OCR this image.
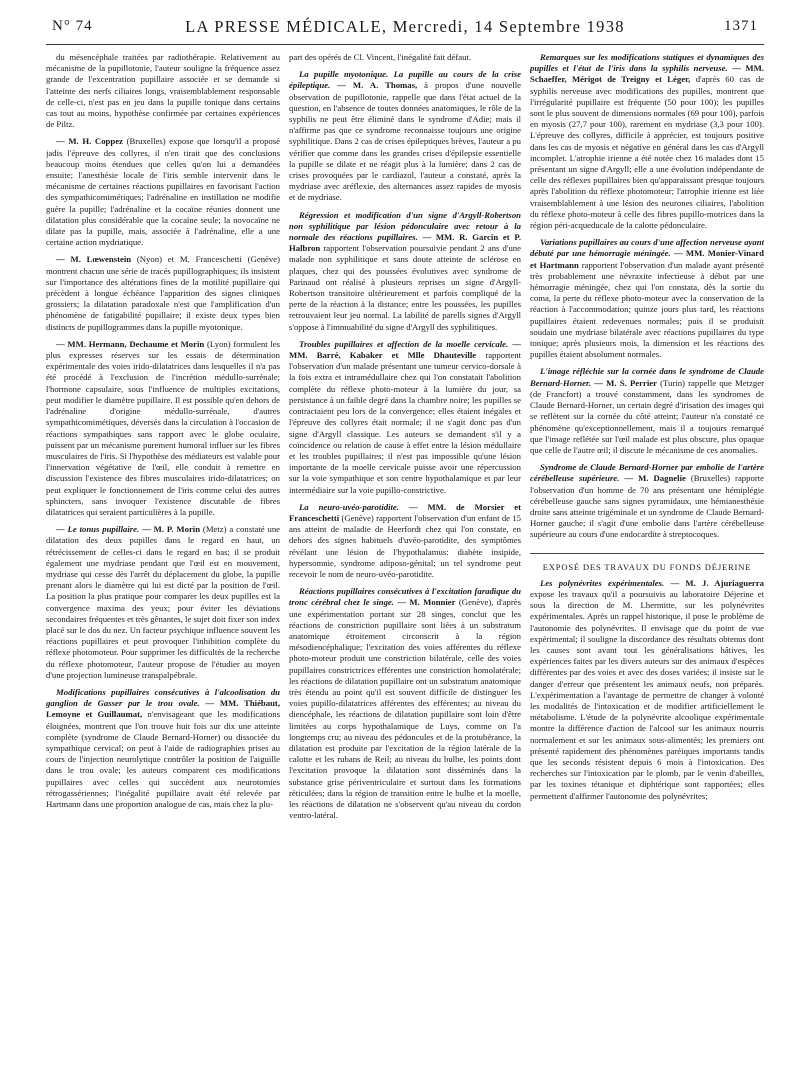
N° 74	LA PRESSE MÉDICALE, Mercredi, 14 Septembre 1938	1371

du mésencéphale traitées par radiothérapie. Relativement au mécanisme de la pupillotonie, l'auteur souligne la fréquence assez grande de l'excentration pupillaire associée et se demande si l'atteinte des nerfs ciliaires longs, vraisemblablement responsable de celle-ci, n'est pas en jeu dans la pupille tonique dans certains cas tout au moins, hypothèse confirmée par certaines expériences de Piltz.

— M. H. Coppez (Bruxelles) expose que lorsqu'il a proposé jadis l'épreuve des collyres, il n'en tirait que des conclusions beaucoup moins étendues que celles qu'on lui a demandées ensuite; l'anesthésie locale de l'iris semble intervenir dans le mécanisme de certaines réactions pupillaires en favorisant l'action des sympathicomimétiques; l'adrénaline en instillation ne modifie guère la pupille; l'adrénaline et la cocaïne réunies donnent une dilatation plus considérable que la cocaïne seule; la novocaïne ne dilate pas la pupille, mais, associée à l'adrénaline, elle a une certaine action mydriatique.

— M. Lœwenstein (Nyon) et M. Franceschetti (Genève) montrent chacun une série de tracés pupillographiques; ils insistent sur l'importance des altérations fines de la motilité pupillaire qui précèdent à longue échéance l'apparition des signes cliniques grossiers; la dilatation paradoxale n'est que l'amplification d'un phénomène de fatigabilité pupillaire; il existe deux types bien distincts de pupillogrammes dans la pupille myotonique.

— MM. Hermann, Dechaume et Morin (Lyon) formulent les plus expresses réserves sur les essais de détermination expérimentale des voies irido-dilatatrices dans lesquelles il n'a pas été procédé à l'exclusion de l'incrétion médullo-surrénale; l'hormone capsulaire, sous l'influence de multiples excitations, peut modifier le diamètre pupillaire. Il est possible qu'en dehors de l'adrénaline d'origine médullo-surrénale, d'autres sympathicomimétiques, déversés dans la circulation à l'occasion de réactions sympathiques sans rapport avec le globe oculaire, puissent par un mécanisme purement humoral influer sur les fibres musculaires de l'iris. Si l'hypothèse des médiateurs est valable pour l'innervation végétative de l'œil, elle conduit à remettre en discussion l'existence des fibres musculaires irido-dilatatrices; on peut expliquer le fonctionnement de l'iris comme celui des autres sphincters, sans invoquer l'existence discutable de fibres dilatatrices qui seraient particulières à la pupille.

— Le tonus pupillaire. — M. P. Morin (Metz) a constaté une dilatation des deux pupilles dans le regard en haut, un rétrécissement de celles-ci dans le regard en bas; il se produit également une mydriase pendant que l'œil est en mouvement, mydriase qui cesse dès l'arrêt du déplacement du globe, la pupille prenant alors le diamètre qui lui est dicté par la position de l'œil. La position la plus pratique pour comparer les deux pupilles est la convergence maxima des yeux; pour éviter les déviations secondaires fréquentes et très gênantes, le sujet doit fixer son index placé sur le dos du nez. Un facteur psychique influence souvent les réactions pupillaires et peut provoquer l'inhibition complète du réflexe photomoteur. Pour supprimer les difficultés de la recherche du réflexe photomoteur, l'auteur propose de l'étudier au moyen d'une projection lumineuse transpalpébrale.

Modifications pupillaires consécutives à l'alcoolisation du ganglion de Gasser par le trou ovale. — MM. Thiébaut, Lemoyne et Guillaumat, n'envisageant que les modifications éloignées, montrent que l'on trouve huit fois sur dix une atteinte complète (syndrome de Claude Bernard-Horner) ou dissociée du sympathique cervical; on peut à l'aide de radiographies prises au cours de l'injection neurolytique contrôler la position de l'aiguille dans le trou ovale; les auteurs comparent ces modifications pupillaires avec celles qui succèdent aux neurotomies rétrogassériennes; l'inégalité pupillaire avait été relevée par Hartmann dans une proportion analogue de cas, mais chez la plu-

part des opérés de Cl. Vincent, l'inégalité fait défaut.

La pupille myotonique. La pupille au cours de la crise épileptique. — M. A. Thomas, à propos d'une nouvelle observation de pupillotonie, rappelle que dans l'état actuel de la question, en l'absence de toutes données anatomiques, le rôle de la syphilis ne peut être éliminé dans le syndrome d'Adie; mais il n'affirme pas que ce syndrome reconnaisse toujours une origine syphilitique. Dans 2 cas de crises épileptiques brèves, l'auteur a pu vérifier que comme dans les grandes crises d'épilepsie essentielle la pupille se dilate et ne réagit plus à la lumière; dans 2 cas de crises provoquées par le cardiazol, l'auteur a constaté, après la mydriase avec aréflexie, des alternances assez rapides de myosis et de mydriase.

Régression et modification d'un signe d'Argyll-Robertson non syphilitique par lésion pédonculaire avec retour à la normale des réactions pupillaires. — MM. R. Garcin et P. Halbron rapportent l'observation poursuivie pendant 2 ans d'une malade non syphilitique et sans doute atteinte de sclérose en plaques, chez qui des poussées évolutives avec syndrome de Parinaud ont réalisé à plusieurs reprises un signe d'Argyll-Robertson transitoire ultérieurement et parfois compliqué de la perte de la réaction à la distance; entre les poussées, les pupilles retrouvaient leur jeu normal. La labilité de parells signes d'Argyll s'oppose à l'immuabilité du signe d'Argyll des syphilitiques.

Troubles pupillaires et affection de la moelle cervicale. — MM. Barré, Kabaker et Mlle Dhauteville rapportent l'observation d'un malade présentant une tumeur cervico-dorsale à la fois extra et intramédullaire chez qui l'on constatait l'abolition complète du réflexe photo-moteur à la lumière du jour, sa persistance à un faible degré dans la chambre noire; les pupilles se contractaient peu lors de la convergence; elles étaient inégales et l'épreuve des collyres était normale; il ne s'agit donc pas d'un signe d'Argyll classique. Les auteurs se demandent s'il y a coïncidence ou relation de cause à effet entre la lésion médullaire et les troubles pupillaires; il n'est pas impossible qu'une lésion importante de la moelle cervicale puisse avoir une répercussion sur la voie sympathique et son centre hypothalamique et par leur intermédiaire sur la voie pupillo-constrictive.

La neuro-uvéo-parotidite. — MM. de Morsier et Franceschetti (Genève) rapportent l'observation d'un enfant de 15 ans atteint de maladie de Heerfordt chez qui l'on constate, en dehors des signes habituels d'uvéo-parotidite, des symptômes révélant une lésion de l'hypothalamus: diabète insipide, hypersomnie, syndrome adiposo-génital; un tel syndrome peut recevoir le nom de neuro-uvéo-parotidite.

Réactions pupillaires consécutives à l'excitation faradique du tronc cérébral chez le singe. — M. Monnier (Genève), d'après une expérimentation portant sur 28 singes, conclut que les réactions de constriction pupillaire sont liées à un substratum anatomique étroitement circonscrit à la région mésodiencéphalique; l'excitation des voies afférentes du réflexe photo-moteur produit une constriction bilatérale, celle des voies pupillaires constrictrices efférentes une constriction homolatérale; les réactions de dilatation pupillaire ont un substratum anatomique très étendu au point qu'il est souvent difficile de distinguer les voies pupillo-dilatatrices afférentes des efférentes; au niveau du diencéphale, les réactions de dilatation pupillaire sont loin d'être limitées au corps hypothalamique de Luys, comme on l'a longtemps cru; au niveau des pédoncules et de la protubérance, la dilatation est produite par l'excitation de la région latérale de la calotte et les rubans de Reil; au niveau du bulbe, les points dont l'excitation provoque la dilatation sont disséminés dans la substance grise périventriculaire et surtout dans les formations réticulées; dans la région de transition entre le bulbe et la moelle, les réactions de dilatation ne s'observent qu'au niveau du cordon ventro-latéral.

Remarques sur les modifications statiques et dynamiques des pupilles et l'état de l'iris dans la syphilis nerveuse. — MM. Schaeffer, Mérigot de Treigny et Léger, d'après 60 cas de syphilis nerveuse avec modifications des pupilles, montrent que l'irrégularité pupillaire est fréquente (50 pour 100); les pupilles sont le plus souvent de dimensions normales (69 pour 100), parfois en myosis (27,7 pour 100), rarement en mydriase (3,3 pour 100). L'épreuve des collyres, difficile à apprécier, est toujours positive dans les cas de myosis et négative en général dans les cas d'Argyll incomplet. L'atrophie irienne a été notée chez 16 malades dont 15 présentant un signe d'Argyll; elle a une évolution indépendante de celle des réflexes pupillaires bien qu'apparaissant presque toujours après l'abolition du réflexe photomoteur; l'atrophie irienne est liée vraisemblablement à une lésion des neurones ciliaires, l'abolition du réflexe photo-moteur à celle des fibres pupillo-motrices dans la région péri-acqueducale de la calotte pédonculaire.

Variations pupillaires au cours d'une affection nerveuse ayant débuté par une hémorragie méningée. — MM. Monier-Vinard et Hartmann rapportent l'observation d'un malade ayant présenté très probablement une névraxite infectieuse à début par une hémorragie méningée, chez qui l'on constata, dès la sortie du coma, la perte du réflexe photo-moteur avec la conservation de la réaction à l'accommodation; quinze jours plus tard, les réactions pupillaires étaient redevenues normales; puis il se produisit soudain une mydriase bilatérale avec réactions pupillaires du type tonique; après plusieurs mois, la dimension et les réactions des pupilles étaient absolument normales.

L'image réfléchie sur la cornée dans le syndrome de Claude Bernard-Horner. — M. S. Perrier (Turin) rappelle que Metzger (de Francfort) a trouvé constamment, dans les syndromes de Claude Bernard-Horner, un certain degré d'irisation des images qui se reflètent sur la cornée du côté atteint; l'auteur n'a constaté ce phénomène qu'exceptionnellement, mais il a toujours remarqué que l'image reflétée sur l'œil malade est plus obscure, plus opaque que celle de l'autre œil; il discute le mécanisme de ces anomalies.

Syndrome de Claude Bernard-Horner par embolie de l'artère cérébelleuse supérieure. — M. Dagnelie (Bruxelles) rapporte l'observation d'un homme de 70 ans présentant une hémiplégie cérébelleuse gauche sans signes pyramidaux, une hémianesthésie droite sans atteinte trigéminale et un syndrome de Claude Bernard-Horner gauche; il s'agit d'une embolie dans l'artère cérébelleuse supérieure au cours d'une endocardite à streptocoques.

EXPOSÉ DES TRAVAUX DU FONDS DÉJERINE

Les polynévrites expérimentales. — M. J. Ajuriaguerra expose les travaux qu'il a poursuivis au laboratoire Déjerine et sous la direction de M. Lhermitte, sur les polynévrites expérimentales. Après un rappel historique, il pose le problème de l'autonomie des polynévrites. Il envisage que du point de vue expérimental; il souligne la discordance des résultats obtenus dont les causes sont avant tout les généralisations hâtives, les expériences faites par les divers auteurs sur des animaux d'espèces différentes par des voies et avec des doses variées; il insiste sur le danger d'erreur que présentent les animaux neufs, non préparés. L'expérimentation a l'avantage de permettre de changer à volonté les modalités de l'intoxication et de modifier artificiellement le métabolisme. L'étude de la polynévrite alcoolique expérimentale montre la différence d'action de l'alcool sur les animaux nourris normalement et sur les animaux sous-alimentés; les premiers ont présenté rapidement des phénomènes paréiques importants tandis que les seconds résistent depuis 6 mois à l'intoxication. Des recherches sur l'intoxication par le plomb, par le venin d'abeilles, par les toxines tétanique et diphtérique sont rapportées; elles permettent d'affirmer l'autonomie des polynévrites;
